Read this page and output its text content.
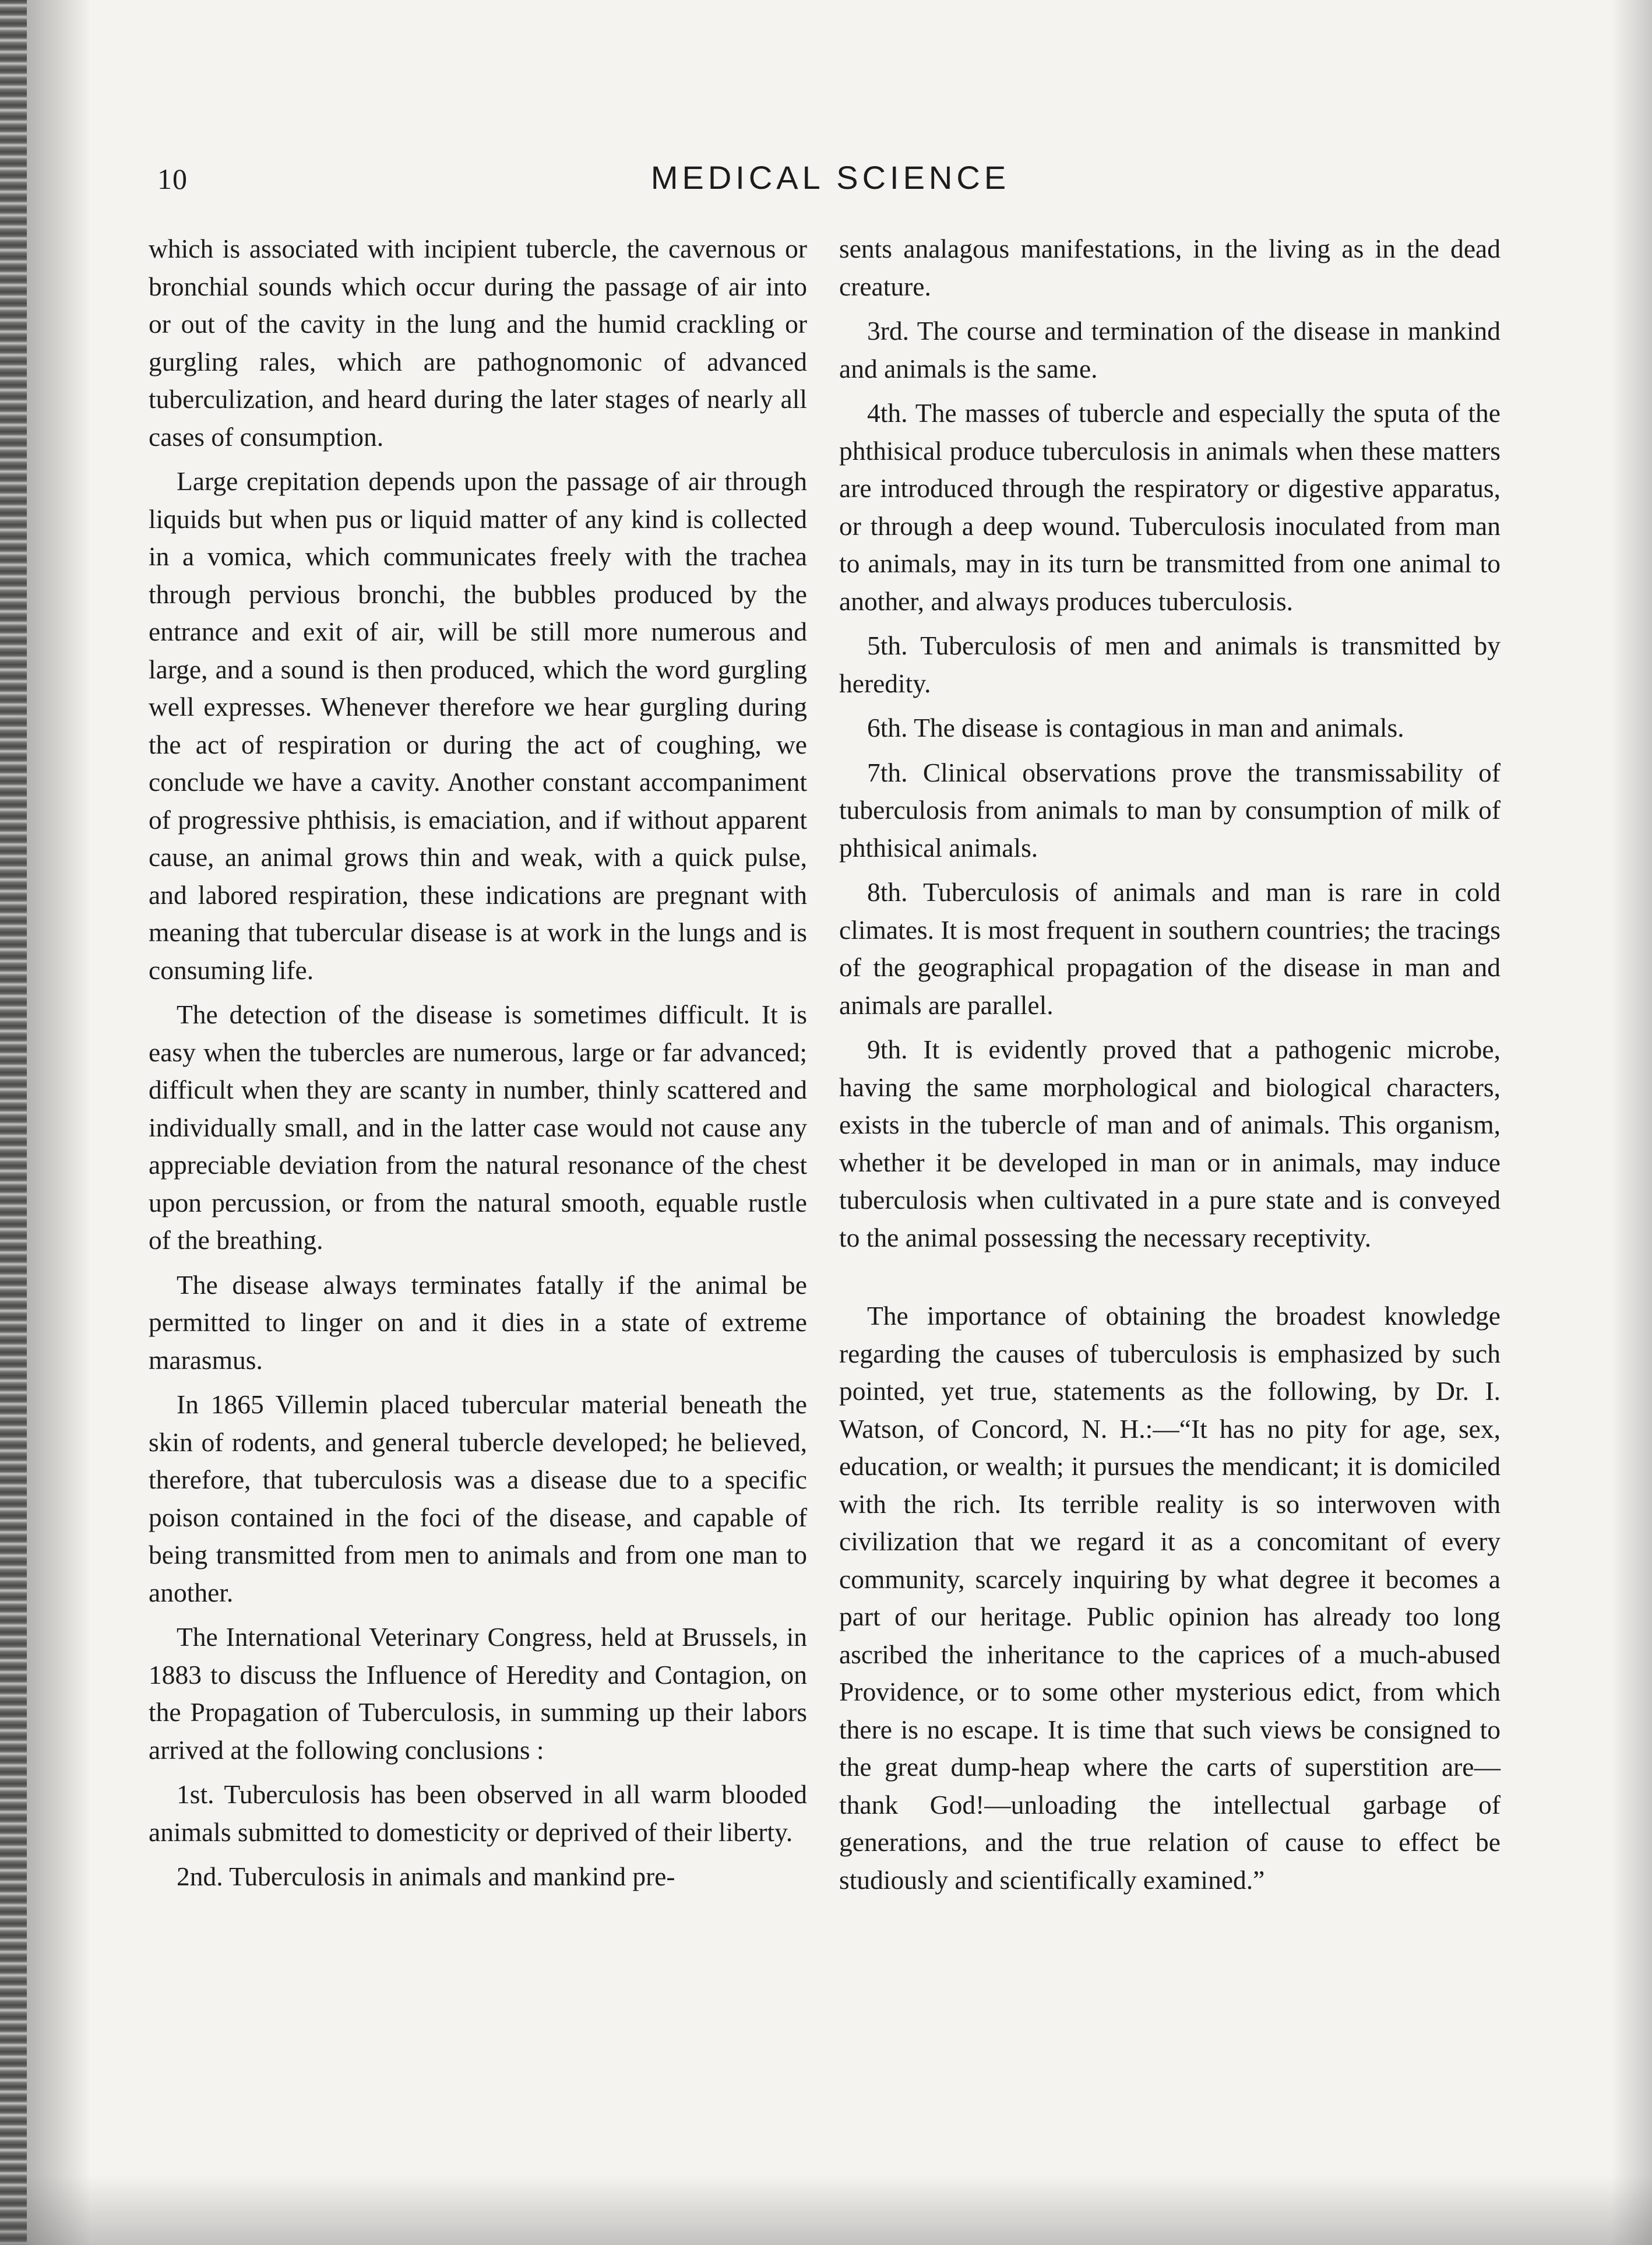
10	MEDICAL SCIENCE

which is associated with incipient tubercle, the cavernous or bronchial sounds which occur during the passage of air into or out of the cavity in the lung and the humid crackling or gurgling rales, which are pathognomonic of advanced tuberculization, and heard during the later stages of nearly all cases of consumption.

Large crepitation depends upon the passage of air through liquids but when pus or liquid matter of any kind is collected in a vomica, which communicates freely with the trachea through pervious bronchi, the bubbles produced by the entrance and exit of air, will be still more numerous and large, and a sound is then produced, which the word gurgling well expresses. Whenever therefore we hear gurgling during the act of respiration or during the act of coughing, we conclude we have a cavity. Another constant accompaniment of progressive phthisis, is emaciation, and if without apparent cause, an animal grows thin and weak, with a quick pulse, and labored respiration, these indications are pregnant with meaning that tubercular disease is at work in the lungs and is consuming life.

The detection of the disease is sometimes difficult. It is easy when the tubercles are numerous, large or far advanced; difficult when they are scanty in number, thinly scattered and individually small, and in the latter case would not cause any appreciable deviation from the natural resonance of the chest upon percussion, or from the natural smooth, equable rustle of the breathing.

The disease always terminates fatally if the animal be permitted to linger on and it dies in a state of extreme marasmus.

In 1865 Villemin placed tubercular material beneath the skin of rodents, and general tubercle developed; he believed, therefore, that tuberculosis was a disease due to a specific poison contained in the foci of the disease, and capable of being transmitted from men to animals and from one man to another.

The International Veterinary Congress, held at Brussels, in 1883 to discuss the Influence of Heredity and Contagion, on the Propagation of Tuberculosis, in summing up their labors arrived at the following conclusions :

1st. Tuberculosis has been observed in all warm blooded animals submitted to domesticity or deprived of their liberty.

2nd. Tuberculosis in animals and mankind pre-

sents analagous manifestations, in the living as in the dead creature.

3rd. The course and termination of the disease in mankind and animals is the same.

4th. The masses of tubercle and especially the sputa of the phthisical produce tuberculosis in animals when these matters are introduced through the respiratory or digestive apparatus, or through a deep wound. Tuberculosis inoculated from man to animals, may in its turn be transmitted from one animal to another, and always produces tuberculosis.

5th. Tuberculosis of men and animals is transmitted by heredity.

6th. The disease is contagious in man and animals.

7th. Clinical observations prove the transmissability of tuberculosis from animals to man by consumption of milk of phthisical animals.

8th. Tuberculosis of animals and man is rare in cold climates. It is most frequent in southern countries; the tracings of the geographical propagation of the disease in man and animals are parallel.

9th. It is evidently proved that a pathogenic microbe, having the same morphological and biological characters, exists in the tubercle of man and of animals. This organism, whether it be developed in man or in animals, may induce tuberculosis when cultivated in a pure state and is conveyed to the animal possessing the necessary receptivity.

The importance of obtaining the broadest knowledge regarding the causes of tuberculosis is emphasized by such pointed, yet true, statements as the following, by Dr. I. Watson, of Concord, N. H.:—“It has no pity for age, sex, education, or wealth; it pursues the mendicant; it is domiciled with the rich. Its terrible reality is so interwoven with civilization that we regard it as a concomitant of every community, scarcely inquiring by what degree it becomes a part of our heritage. Public opinion has already too long ascribed the inheritance to the caprices of a much-abused Providence, or to some other mysterious edict, from which there is no escape. It is time that such views be consigned to the great dump-heap where the carts of superstition are—thank God!—unloading the intellectual garbage of generations, and the true relation of cause to effect be studiously and scientifically examined.”
